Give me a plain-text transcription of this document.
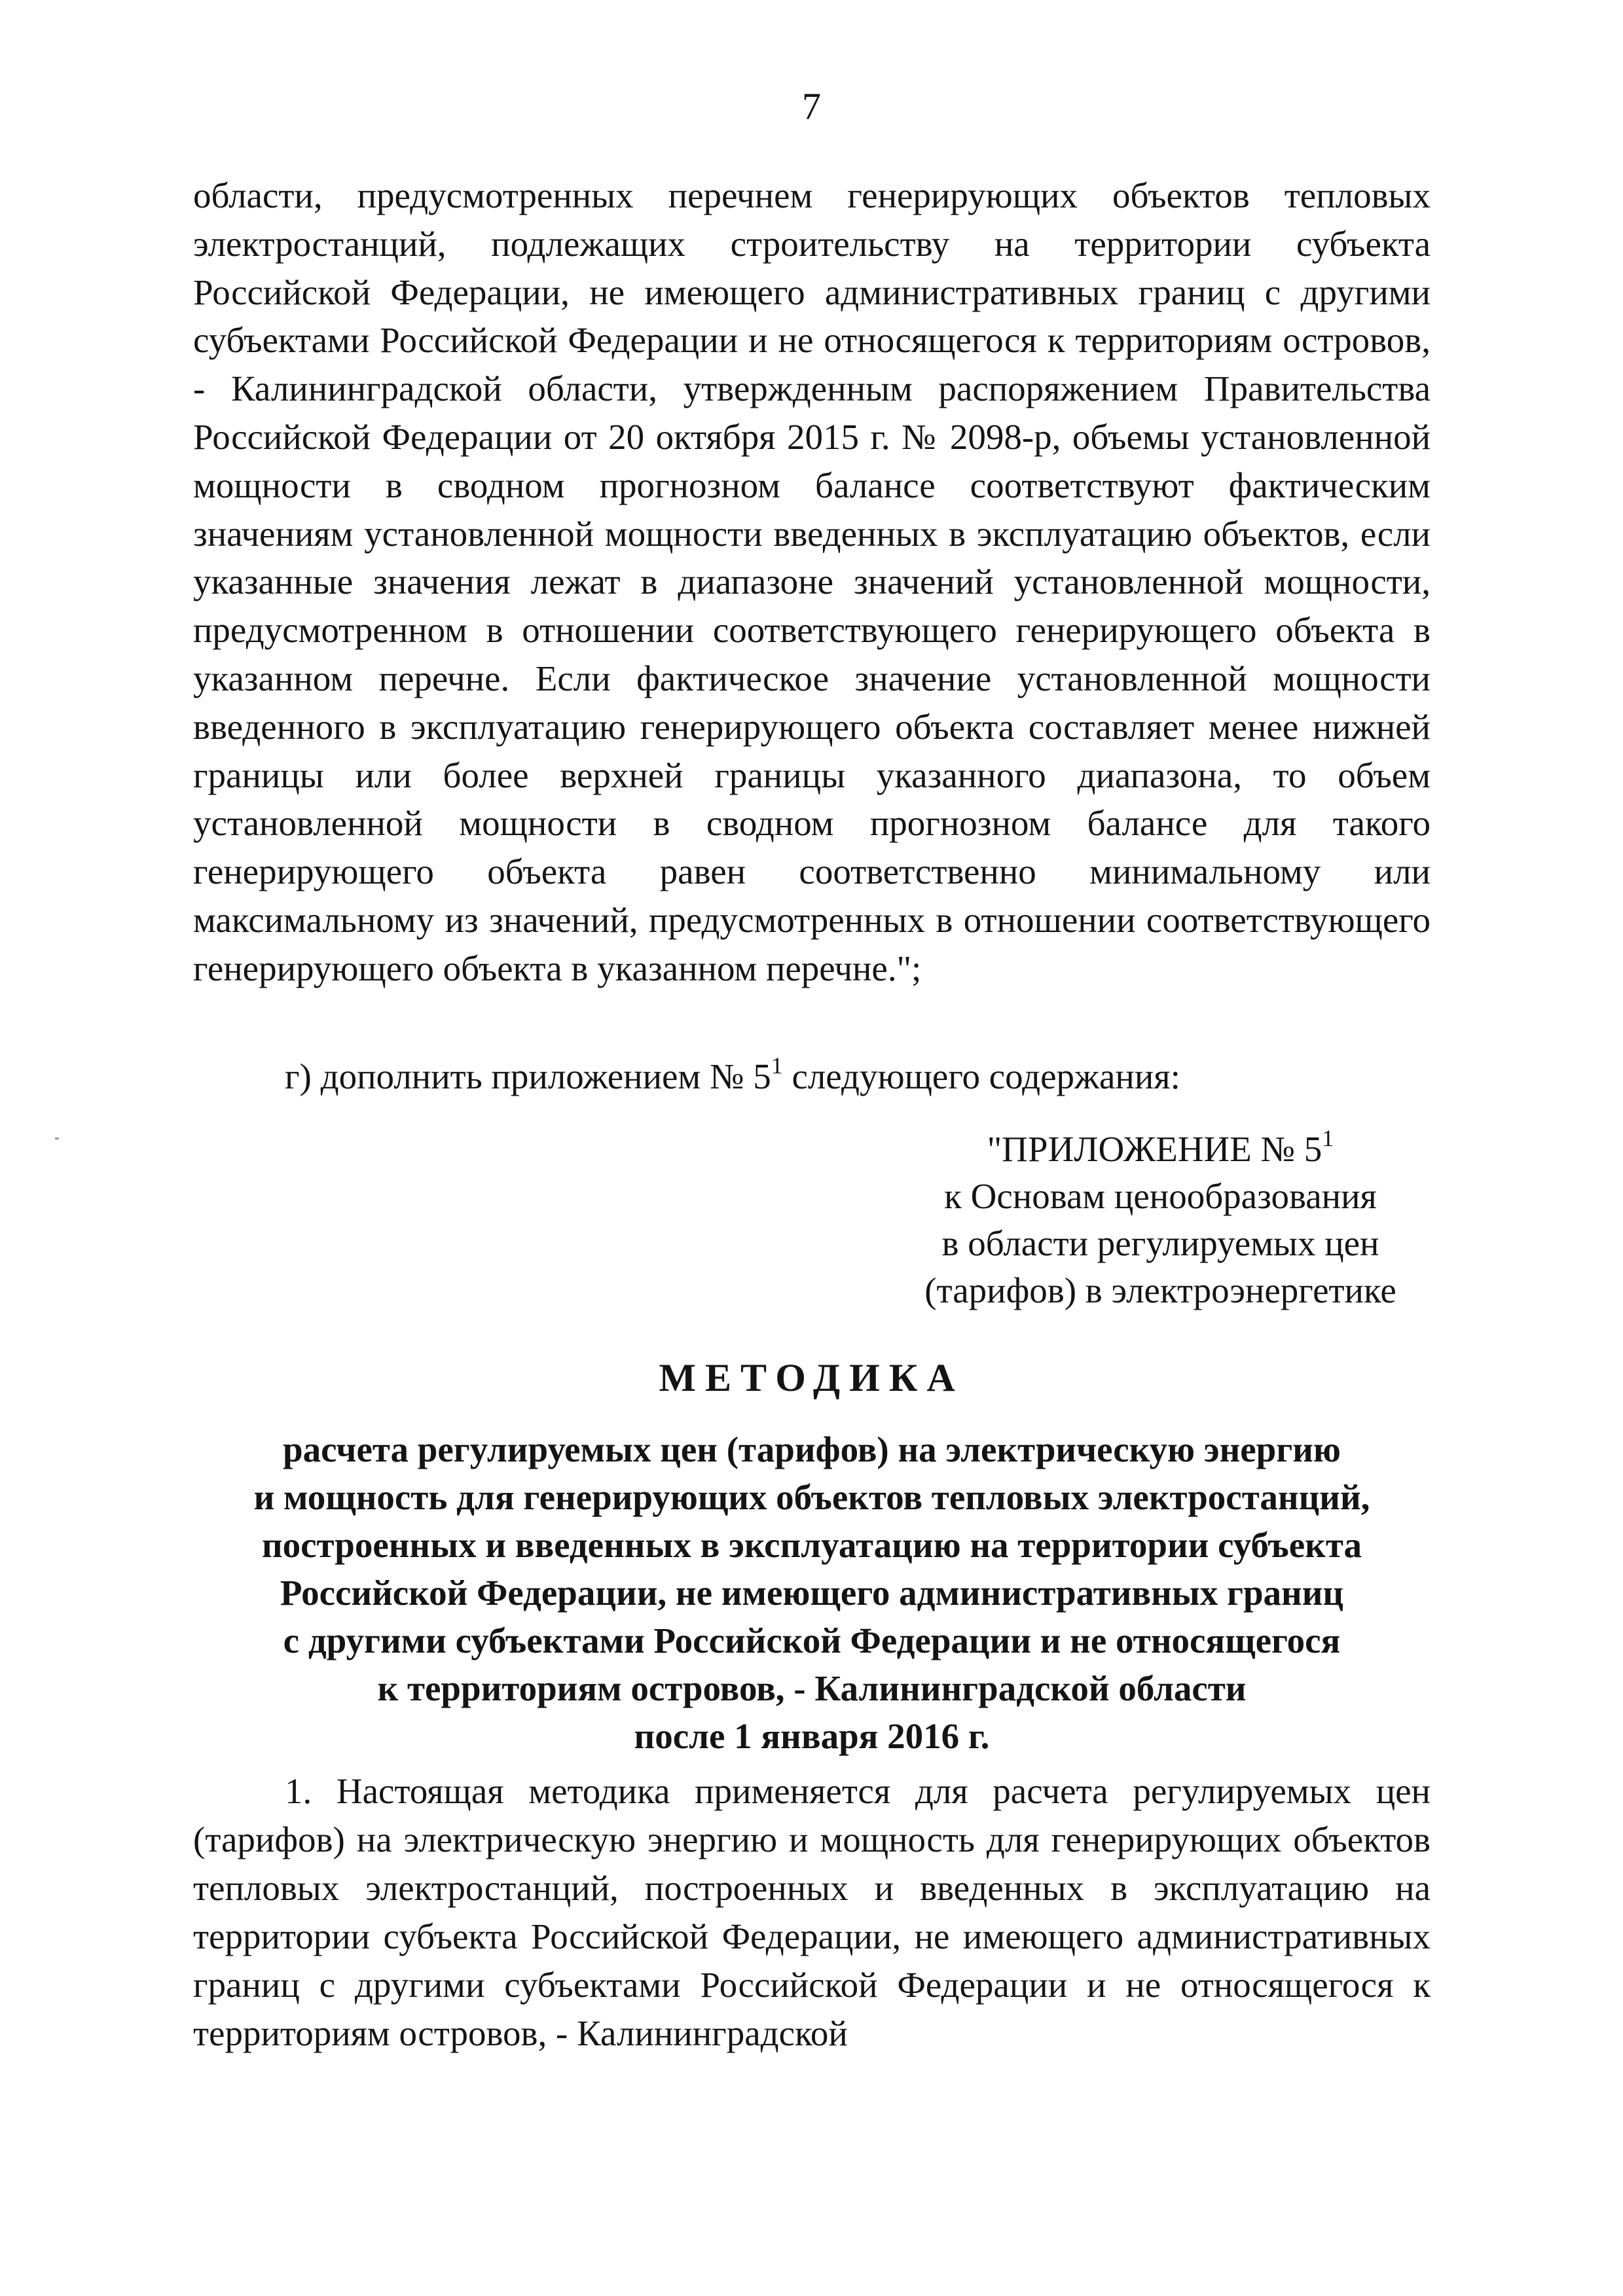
7

области, предусмотренных перечнем генерирующих объектов тепловых электростанций, подлежащих строительству на территории субъекта Российской Федерации, не имеющего административных границ с другими субъектами Российской Федерации и не относящегося к территориям островов, - Калининградской области, утвержденным распоряжением Правительства Российской Федерации от 20 октября 2015 г. № 2098-р, объемы установленной мощности в сводном прогнозном балансе соответствуют фактическим значениям установленной мощности введенных в эксплуатацию объектов, если указанные значения лежат в диапазоне значений установленной мощности, предусмотренном в отношении соответствующего генерирующего объекта в указанном перечне. Если фактическое значение установленной мощности введенного в эксплуатацию генерирующего объекта составляет менее нижней границы или более верхней границы указанного диапазона, то объем установленной мощности в сводном прогнозном балансе для такого генерирующего объекта равен соответственно минимальному или максимальному из значений, предусмотренных в отношении соответствующего генерирующего объекта в указанном перечне.";

г) дополнить приложением № $5^1$ следующего содержания:

"ПРИЛОЖЕНИЕ № $5^1$
к Основам ценообразования
в области регулируемых цен
(тарифов) в электроэнергетике
МЕТОДИКА
расчета регулируемых цен (тарифов) на электрическую энергию
и мощность для генерирующих объектов тепловых электростанций,
построенных и введенных в эксплуатацию на территории субъекта
Российской Федерации, не имеющего административных границ
с другими субъектами Российской Федерации и не относящегося
к территориям островов, - Калининградской области
после 1 января 2016 г.

1. Настоящая методика применяется для расчета регулируемых цен (тарифов) на электрическую энергию и мощность для генерирующих объектов тепловых электростанций, построенных и введенных в эксплуатацию на территории субъекта Российской Федерации, не имеющего административных границ с другими субъектами Российской Федерации и не относящегося к территориям островов, - Калининградской
